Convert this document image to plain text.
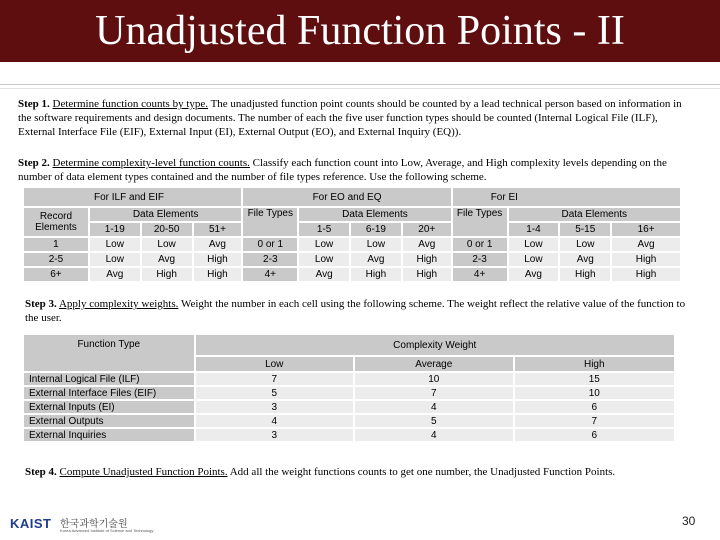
Unadjusted Function Points - II

Step 1. Determine function counts by type. The unadjusted function point counts should be counted by a lead technical person based on information in the software requirements and design documents. The number of each the five user function types should be counted (Internal Logical File (ILF), External Interface File (EIF), External Input (EI), External Output (EO), and External Inquiry (EQ)).

Step 2. Determine complexity-level function counts. Classify each function count into Low, Average, and High complexity levels depending on the number of data element types contained and the number of file types reference. Use the following scheme.

For ILF and EIF				For EO and EQ				For EI			

Record
Elements	Data Elements			File Types	Data Elements			File Types	Data Elements		
	1-19	20-50	51+		1-5	6-19	20+		1-4	5-15	16+
1	Low	Low	Avg	0 or 1	Low	Low	Avg	0 or 1	Low	Low	Avg
2-5	Low	Avg	High	2-3	Low	Avg	High	2-3	Low	Avg	High
6+	Avg	High	High	4+	Avg	High	High	4+	Avg	High	High

Step 3. Apply complexity weights. Weight the number in each cell using the following scheme. The weight reflect the relative value of the function to the user.

Function Type	Complexity Weight		
	Low	Average	High
Internal Logical File (ILF)	7	10	15
External Interface Files (EIF)	5	7	10
External Inputs (EI)	3	4	6
External Outputs	4	5	7
External Inquiries	3	4	6

Step 4. Compute Unadjusted Function Points. Add all the weight functions counts to get one number, the Unadjusted Function Points.

KAIST 한국과학기술원
Korea Advanced Institute of Science and Technology
30
